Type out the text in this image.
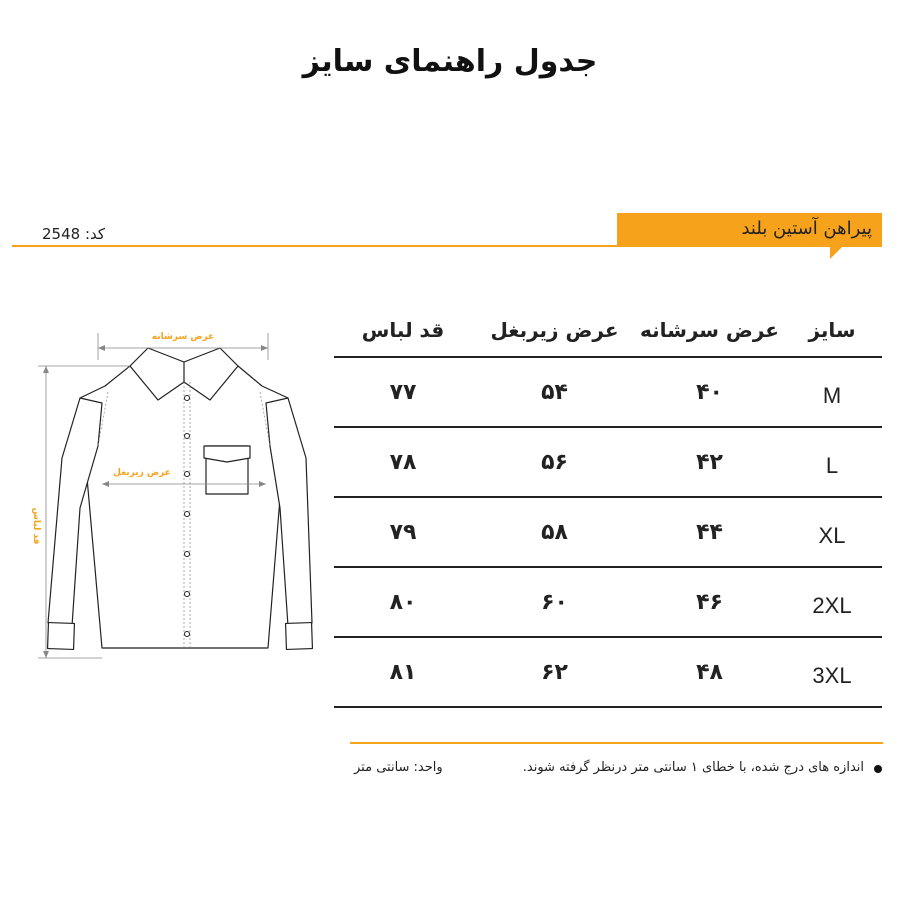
جدول راهنمای سایز
پیراهن آستین بلند
کد: 2548
عرض سرشانه
عرض زیربغل
قد لباس
سایز
عرض سرشانه
عرض زیربغل
قد لباس
M
۴۰
۵۴
۷۷
L
۴۲
۵۶
۷۸
XL
۴۴
۵۸
۷۹
2XL
۴۶
۶۰
۸۰
3XL
۴۸
۶۲
۸۱
اندازه های درج شده، با خطای ۱ سانتی متر درنظر گرفته شوند.
واحد: سانتی متر
